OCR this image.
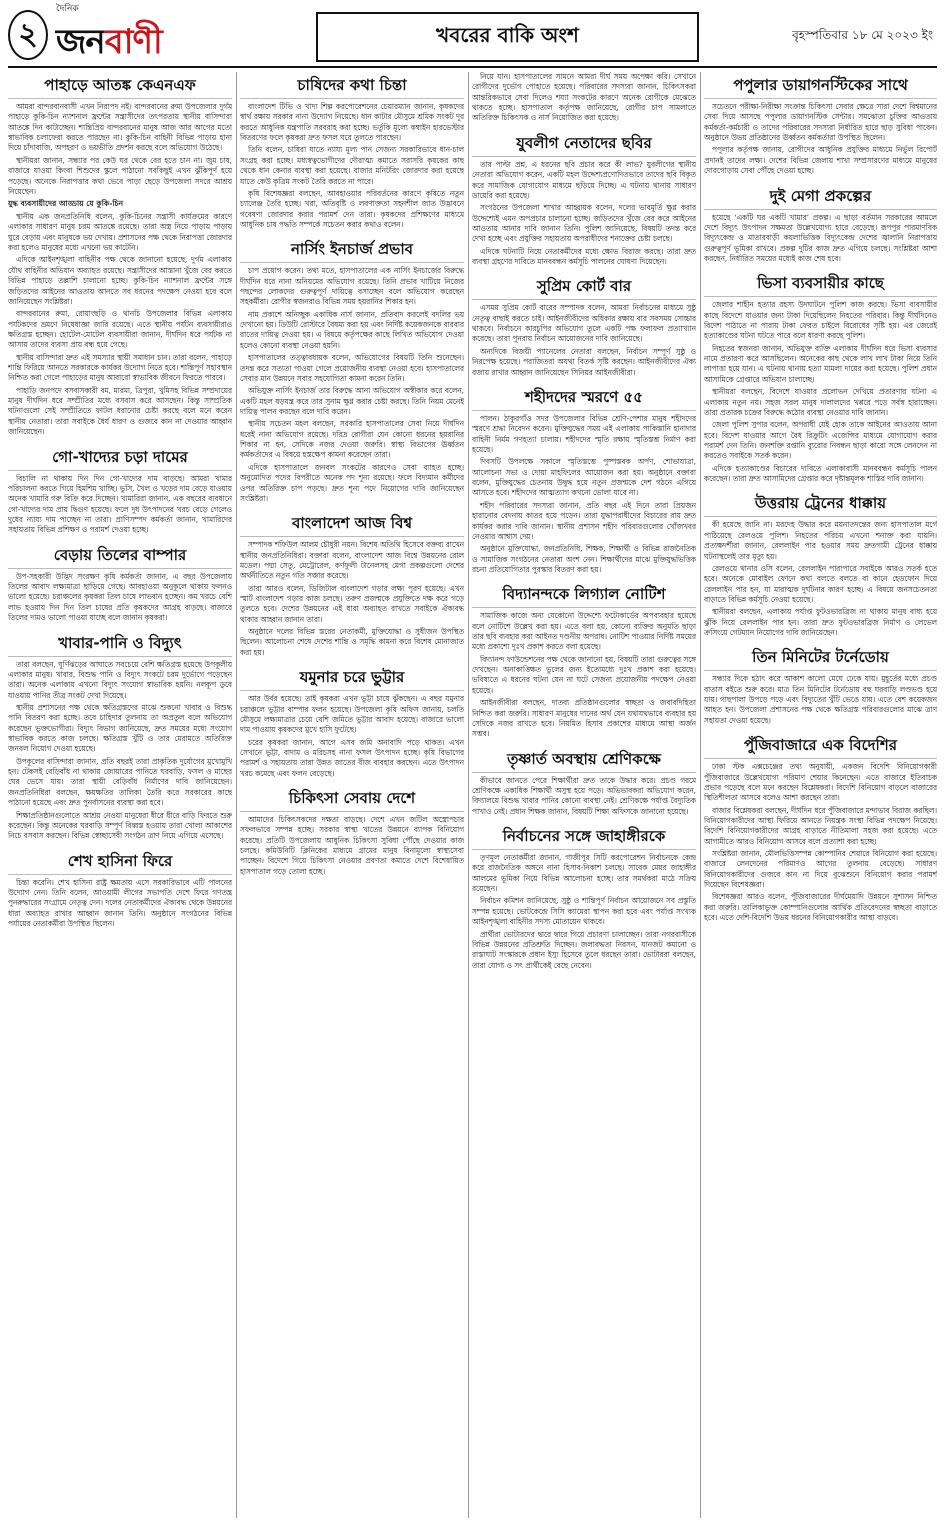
২
দৈনিক
জনবাণী	খবরের বাকি অংশ	বৃহস্পতিবার ১৮ মে ২০২৩ ইং
পাহাড়ে আতঙ্ক কেএনএফ

আমরা বান্দরবানবাসী এখন নিরাপদ নই। বান্দরবানের রুমা উপজেলার দুর্গম পাহাড়ে কুকি-চিন ন্যাশনাল ফ্রন্টের সন্ত্রাসীদের তৎপরতায় স্থানীয় বাসিন্দারা আতঙ্কে দিন কাটাচ্ছেন। শান্তিপ্রিয় বান্দরবানের মানুষ আজ আর আগের মতো স্বাভাবিক চলাফেরা করতে পারছেন না। কুকি-চিন বাহিনী বিভিন্ন পাড়ায় হানা দিয়ে চাঁদাবাজি, অপহরণ ও ভয়ভীতি প্রদর্শন করছে বলে অভিযোগ উঠেছে।

স্থানীয়রা জানান, সন্ধ্যার পর কেউ ঘর থেকে বের হতে চান না। জুম চাষ, বাজারে যাওয়া কিংবা শিশুদের স্কুলে পাঠানো সবকিছুই এখন ঝুঁকিপূর্ণ হয়ে পড়েছে। অনেকে নিরাপত্তার কথা ভেবে পাড়া ছেড়ে উপজেলা সদরে আশ্রয় নিয়েছেন।

যুদ্ধ ব্যবসায়ীদের আড্ডায় যে কুকি-চিন

স্থানীয় এক জনপ্রতিনিধি বলেন, কুকি-চিনের সন্ত্রাসী কার্যক্রমের কারণে এলাকার সাধারণ মানুষ চরম আতঙ্কে রয়েছে। তারা অস্ত্র নিয়ে পাড়ায় পাড়ায় ঘুরে বেড়ায় এবং মানুষকে ভয় দেখায়। প্রশাসনের পক্ষ থেকে নিরাপত্তা জোরদার করা হলেও মানুষের মধ্যে এখনো ভয় কাটেনি।

এদিকে আইনশৃঙ্খলা বাহিনীর পক্ষ থেকে জানানো হয়েছে, দুর্গম এলাকায় যৌথ বাহিনীর অভিযান অব্যাহত রয়েছে। সন্ত্রাসীদের আস্তানা খুঁজে বের করতে বিভিন্ন পাহাড়ে তল্লাশি চালানো হচ্ছে। কুকি-চিন ন্যাশনাল ফ্রন্টের সঙ্গে জড়িতদের আইনের আওতায় আনতে সব ধরনের পদক্ষেপ নেওয়া হবে বলে জানিয়েছেন সংশ্লিষ্টরা।

বান্দরবানের রুমা, রোয়াংছড়ি ও থানচি উপজেলার বিভিন্ন এলাকায় পর্যটকদের ভ্রমণে নিষেধাজ্ঞা জারি রয়েছে। এতে স্থানীয় পর্যটন ব্যবসায়ীরাও ক্ষতিগ্রস্ত হচ্ছেন। হোটেল-মোটেল ব্যবসায়ীরা জানান, দীর্ঘদিন ধরে পর্যটক না আসায় তাদের ব্যবসা প্রায় বন্ধ হয়ে গেছে।

স্থানীয় বাসিন্দারা দ্রুত এই সমস্যার স্থায়ী সমাধান চান। তারা বলেন, পাহাড়ে শান্তি ফিরিয়ে আনতে সরকারকে কার্যকর উদ্যোগ নিতে হবে। শান্তিপূর্ণ সহাবস্থান নিশ্চিত করা গেলে পাহাড়ের মানুষ আবারো স্বাভাবিক জীবনে ফিরতে পারবে।

পাহাড়ি জনপদে বসবাসকারী বম, মারমা, ত্রিপুরা, খুমিসহ বিভিন্ন সম্প্রদায়ের মানুষ দীর্ঘদিন ধরে সম্প্রীতির মধ্যে বসবাস করে আসছেন। কিন্তু সাম্প্রতিক ঘটনাগুলো সেই সম্প্রীতিতে ফাটল ধরানোর চেষ্টা করছে বলে মনে করেন স্থানীয় নেতারা। তারা সবাইকে ধৈর্য ধারণ ও গুজবে কান না দেওয়ার আহ্বান জানিয়েছেন।

গো-খাদ্যের চড়া দামের

বিচালি না থাকায় দিন দিন গো-খাদ্যের দাম বাড়ছে। আমরা খামার পরিচালনা করতে গিয়ে হিমশিম খাচ্ছি। ভুসি, খৈল ও খড়ের দাম বেড়ে যাওয়ায় অনেক খামারি গরু বিক্রি করে দিচ্ছেন। খামারিরা জানান, এক বছরের ব্যবধানে গো-খাদ্যের দাম প্রায় দ্বিগুণ হয়েছে। ফলে দুধ উৎপাদনের খরচ বেড়ে গেলেও দুধের ন্যায্য দাম পাচ্ছেন না তারা। প্রাণিসম্পদ কর্মকর্তা জানান, খামারিদের সহায়তায় বিভিন্ন প্রশিক্ষণ ও পরামর্শ দেওয়া হচ্ছে।

বেড়ায় তিলের বাম্পার

উপ-সহকারী উদ্ভিদ সংরক্ষণ কৃষি কর্মকর্তা জানান, এ বছর উপজেলায় তিলের আবাদ লক্ষ্যমাত্রা ছাড়িয়ে গেছে। আবহাওয়া অনুকূলে থাকায় ফলনও ভালো হয়েছে। চরাঞ্চলের কৃষকরা তিল চাষে লাভবান হচ্ছেন। কম খরচে বেশি লাভ হওয়ায় দিন দিন তিল চাষের প্রতি কৃষকদের আগ্রহ বাড়ছে। বাজারে তিলের দামও ভালো পাওয়া যাচ্ছে বলে জানান কৃষকরা।

খাবার-পানি ও বিদ্যুৎ

তারা বলছেন, ঘূর্ণিঝড়ের আঘাতে সবচেয়ে বেশি ক্ষতিগ্রস্ত হয়েছে উপকূলীয় এলাকার মানুষ। খাবার, বিশুদ্ধ পানি ও বিদ্যুৎ সংকটে চরম দুর্ভোগে পড়েছেন তারা। অনেক এলাকায় এখনো বিদ্যুৎ সংযোগ স্বাভাবিক হয়নি। নলকূপ ডুবে যাওয়ায় পানির তীব্র সংকট দেখা দিয়েছে।

স্থানীয় প্রশাসনের পক্ষ থেকে ক্ষতিগ্রস্তদের মাঝে শুকনো খাবার ও বিশুদ্ধ পানি বিতরণ করা হচ্ছে। তবে চাহিদার তুলনায় তা অপ্রতুল বলে অভিযোগ করেছেন ভুক্তভোগীরা। বিদ্যুৎ বিভাগ জানিয়েছে, দ্রুত সময়ের মধ্যে সংযোগ স্বাভাবিক করতে কাজ চলছে। ক্ষতিগ্রস্ত খুঁটি ও তার মেরামতে অতিরিক্ত জনবল নিয়োগ দেওয়া হয়েছে।

উপকূলের বাসিন্দারা জানান, প্রতি বছরই তারা প্রাকৃতিক দুর্যোগের মুখোমুখি হন। টেকসই বেড়িবাঁধ না থাকায় জোয়ারের পানিতে ঘরবাড়ি, ফসল ও মাছের ঘের ভেসে যায়। তারা স্থায়ী বেড়িবাঁধ নির্মাণের দাবি জানিয়েছেন। জনপ্রতিনিধিরা বলছেন, ক্ষয়ক্ষতির তালিকা তৈরি করে সরকারের কাছে পাঠানো হয়েছে এবং দ্রুত পুনর্বাসনের ব্যবস্থা করা হবে।

শিক্ষাপ্রতিষ্ঠানগুলোতে আশ্রয় নেওয়া মানুষেরা ধীরে ধীরে বাড়ি ফিরতে শুরু করেছেন। কিন্তু অনেকের ঘরবাড়ি সম্পূর্ণ বিধ্বস্ত হওয়ায় তারা খোলা আকাশের নিচে বসবাস করছেন। বিভিন্ন স্বেচ্ছাসেবী সংগঠন ত্রাণ নিয়ে এগিয়ে এসেছে।

শেখ হাসিনা ফিরে

চিন্তা করেনি। শেখ হাসিনা রাষ্ট্র ক্ষমতায় এসে সরকারিভাবে এটি পালনের উদ্যোগ নেন। তিনি বলেন, আওয়ামী লীগের সভাপতি দেশে ফিরে গণতন্ত্র পুনরুদ্ধারের সংগ্রামে নেতৃত্ব দেন। দলের নেতাকর্মীদের ঐক্যবদ্ধ থেকে উন্নয়নের ধারা অব্যাহত রাখার আহ্বান জানান তিনি। অনুষ্ঠানে সংগঠনের বিভিন্ন পর্যায়ের নেতাকর্মীরা উপস্থিত ছিলেন।

চাষিদের কথা চিন্তা

বাংলাদেশ টিভি ও খাদ্য শিল্প করপোরেশনের চেয়ারম্যান জানান, কৃষকদের স্বার্থ রক্ষায় সরকার নানা উদ্যোগ নিয়েছে। ধান কাটার মৌসুমে শ্রমিক সংকট দূর করতে আধুনিক যন্ত্রপাতি সরবরাহ করা হচ্ছে। ভর্তুকি মূল্যে কম্বাইন হারভেস্টার বিতরণের ফলে কৃষকরা দ্রুত ফসল ঘরে তুলতে পারছেন।

তিনি বলেন, চাষিরা যাতে ন্যায্য মূল্য পান সেজন্য সরকারিভাবে ধান-চাল সংগ্রহ করা হচ্ছে। মধ্যস্বত্বভোগীদের দৌরাত্ম্য কমাতে সরাসরি কৃষকের কাছ থেকে ধান কেনার ব্যবস্থা করা হয়েছে। বাজার মনিটরিং জোরদার করা হয়েছে যাতে কেউ কৃত্রিম সংকট তৈরি করতে না পারে।

কৃষি বিশেষজ্ঞরা বলছেন, আবহাওয়ার পরিবর্তনের কারণে কৃষিতে নতুন চ্যালেঞ্জ তৈরি হচ্ছে। খরা, অতিবৃষ্টি ও লবণাক্ততা সহনশীল জাত উদ্ভাবনে গবেষণা জোরদার করার পরামর্শ দেন তারা। কৃষকদের প্রশিক্ষণের মাধ্যমে আধুনিক চাষ পদ্ধতি সম্পর্কে সচেতন করার কথাও বলেন।

নার্সিং ইনচার্জ প্রভাব

চাপ প্রয়োগ করেন। তথ্য মতে, হাসপাতালের এক নার্সিং ইনচার্জের বিরুদ্ধে দীর্ঘদিন ধরে নানা অনিয়মের অভিযোগ রয়েছে। তিনি প্রভাব খাটিয়ে নিজের পছন্দের লোকদের গুরুত্বপূর্ণ দায়িত্বে বসাচ্ছেন বলে অভিযোগ করেছেন সহকর্মীরা। রোগীর স্বজনরাও বিভিন্ন সময় হয়রানির শিকার হন।

নাম প্রকাশে অনিচ্ছুক একাধিক নার্স জানান, প্রতিবাদ করলেই বদলির ভয় দেখানো হয়। ডিউটি রোস্টারে বৈষম্য করা হয় এবং নির্দিষ্ট কয়েকজনকে বারবার রাতের দায়িত্ব দেওয়া হয়। এ বিষয়ে কর্তৃপক্ষের কাছে লিখিত অভিযোগ দেওয়া হলেও কোনো ব্যবস্থা নেওয়া হয়নি।

হাসপাতালের তত্ত্বাবধায়ক বলেন, অভিযোগের বিষয়টি তিনি শুনেছেন। তদন্ত করে সত্যতা পাওয়া গেলে প্রয়োজনীয় ব্যবস্থা নেওয়া হবে। হাসপাতালের সেবার মান উন্নয়নে সবার সহযোগিতা কামনা করেন তিনি।

অভিযুক্ত নার্সিং ইনচার্জ তার বিরুদ্ধে আনা অভিযোগ অস্বীকার করে বলেন, একটি মহল ষড়যন্ত্র করে তার সুনাম ক্ষুণ্ণ করার চেষ্টা করছে। তিনি নিয়ম মেনেই দায়িত্ব পালন করছেন বলে দাবি করেন।

স্থানীয় সচেতন মহল বলছেন, সরকারি হাসপাতালের সেবা নিয়ে দীর্ঘদিন ধরেই নানা অভিযোগ রয়েছে। দরিদ্র রোগীরা যেন কোনো ধরনের হয়রানির শিকার না হন, সেদিকে নজর দেওয়া জরুরি। স্বাস্থ্য বিভাগের ঊর্ধ্বতন কর্মকর্তাদের এ বিষয়ে হস্তক্ষেপ কামনা করেছেন তারা।

এদিকে হাসপাতালে জনবল সংকটের কারণেও সেবা ব্যাহত হচ্ছে। অনুমোদিত পদের বিপরীতে অনেক পদ শূন্য রয়েছে। ফলে বিদ্যমান কর্মীদের ওপর অতিরিক্ত চাপ পড়ছে। দ্রুত শূন্য পদে নিয়োগের দাবি জানিয়েছেন সংশ্লিষ্টরা।

বাংলাদেশ আজ বিশ্ব

সম্পাদক শফিউল আলম চৌধুরী নয়ন। বিশেষ অতিথি হিসেবে বক্তব্য রাখেন স্থানীয় জনপ্রতিনিধিরা। বক্তারা বলেন, বাংলাদেশ আজ বিশ্বে উন্নয়নের রোল মডেল। পদ্মা সেতু, মেট্রোরেল, কর্ণফুলী টানেলসহ মেগা প্রকল্পগুলো দেশের অর্থনীতিতে নতুন গতি সঞ্চার করেছে।

তারা আরও বলেন, ডিজিটাল বাংলাদেশ গড়ার লক্ষ্য পূরণ হয়েছে। এখন স্মার্ট বাংলাদেশ গড়ার কাজ চলছে। তরুণ প্রজন্মকে প্রযুক্তিতে দক্ষ করে গড়ে তুলতে হবে। দেশের উন্নয়নের এই ধারা অব্যাহত রাখতে সবাইকে ঐক্যবদ্ধ থাকার আহ্বান জানান তারা।

অনুষ্ঠানে দলের বিভিন্ন স্তরের নেতাকর্মী, মুক্তিযোদ্ধা ও সুধীজন উপস্থিত ছিলেন। আলোচনা শেষে দেশের শান্তি ও সমৃদ্ধি কামনা করে বিশেষ মোনাজাত করা হয়।

যমুনার চরে ভুট্টার

আর উর্বর হয়েছে। তাই কৃষকরা এখন ভুট্টা চাষে ঝুঁকছেন। এ বছর যমুনার চরাঞ্চলে ভুট্টার বাম্পার ফলন হয়েছে। উপজেলা কৃষি অফিস জানায়, চলতি মৌসুমে লক্ষ্যমাত্রার চেয়ে বেশি জমিতে ভুট্টার আবাদ হয়েছে। বাজারে ভালো দাম পাওয়ায় কৃষকদের মুখে হাসি ফুটেছে।

চরের কৃষকরা জানান, আগে এসব জমি অনাবাদি পড়ে থাকত। এখন সেখানে ভুট্টা, বাদাম ও মরিচসহ নানা ফসল উৎপাদন হচ্ছে। কৃষি বিভাগের পরামর্শ ও সহায়তায় তারা উন্নত জাতের বীজ ব্যবহার করছেন। এতে উৎপাদন খরচ কমেছে এবং ফলন বেড়েছে।

চিকিৎসা সেবায় দেশে

আমাদের চিকিৎসকদের দক্ষতা বাড়ছে। দেশে এখন জটিল অস্ত্রোপচার সফলভাবে সম্পন্ন হচ্ছে। সরকার স্বাস্থ্য খাতের উন্নয়নে ব্যাপক বিনিয়োগ করেছে। প্রতিটি উপজেলায় আধুনিক চিকিৎসা সুবিধা পৌঁছে দেওয়ার কাজ চলছে। কমিউনিটি ক্লিনিকের মাধ্যমে গ্রামের মানুষ বিনামূল্যে স্বাস্থ্যসেবা পাচ্ছেন। বিদেশে গিয়ে চিকিৎসা নেওয়ার প্রবণতা কমাতে দেশে বিশেষায়িত হাসপাতাল গড়ে তোলা হচ্ছে।

নিয়ে যান। হাসপাতালের সামনে আমরা দীর্ঘ সময় অপেক্ষা করি। সেখানে রোগীদের দুর্ভোগ পোহাতে হয়েছে। পরিবারের সদস্যরা জানান, চিকিৎসকরা আন্তরিকভাবে সেবা দিলেও শয্যা সংকটের কারণে অনেক রোগীকে মেঝেতে থাকতে হচ্ছে। হাসপাতাল কর্তৃপক্ষ জানিয়েছে, রোগীর চাপ সামলাতে অতিরিক্ত চিকিৎসক ও নার্স নিয়োজিত করা হয়েছে।

যুবলীগ নেতাদের ছবির

তার পাল্টা প্রশ্ন, এ ধরনের ছবি প্রচার করে কী লাভ? যুবলীগের স্থানীয় নেতারা অভিযোগ করেন, একটি মহল উদ্দেশ্যপ্রণোদিতভাবে তাদের ছবি বিকৃত করে সামাজিক যোগাযোগ মাধ্যমে ছড়িয়ে দিচ্ছে। এ ঘটনায় থানায় সাধারণ ডায়েরি করা হয়েছে।

সংগঠনের উপজেলা শাখার আহ্বায়ক বলেন, দলের ভাবমূর্তি ক্ষুণ্ণ করার উদ্দেশ্যেই এমন অপপ্রচার চালানো হচ্ছে। জড়িতদের খুঁজে বের করে আইনের আওতায় আনার দাবি জানান তিনি। পুলিশ জানিয়েছে, বিষয়টি তদন্ত করে দেখা হচ্ছে এবং প্রযুক্তির সহায়তায় অপরাধীদের শনাক্তের চেষ্টা চলছে।

এদিকে ঘটনাটি নিয়ে নেতাকর্মীদের মধ্যে ক্ষোভ বিরাজ করছে। তারা দ্রুত ব্যবস্থা গ্রহণের দাবিতে মানববন্ধন কর্মসূচি পালনের ঘোষণা দিয়েছেন।

সুপ্রিম কোর্ট বার

এসময় সুপ্রিম কোর্ট বারের সম্পাদক বলেন, আমরা নির্বাচনের মাধ্যমে সুষ্ঠু নেতৃত্ব বাছাই করতে চাই। আইনজীবীদের অধিকার রক্ষায় বার সবসময় সোচ্চার থাকবে। নির্বাচনে কারচুপির অভিযোগ তুলে একটি পক্ষ ফলাফল প্রত্যাখ্যান করেছে। তারা পুনরায় নির্বাচন আয়োজনের দাবি জানিয়েছে।

অন্যদিকে বিজয়ী প্যানেলের নেতারা বলছেন, নির্বাচন সম্পূর্ণ সুষ্ঠু ও নিরপেক্ষ হয়েছে। পরাজিতরা অযথা বিতর্ক সৃষ্টি করছেন। আইনজীবীদের ঐক্য বজায় রাখার আহ্বান জানিয়েছেন সিনিয়র আইনজীবীরা।

শহীদদের স্মরণে ৫৫

পালন। ঠাকুরগাঁও সদর উপজেলার বিভিন্ন শ্রেণি-পেশার মানুষ শহীদদের স্মরণে শ্রদ্ধা নিবেদন করেন। মুক্তিযুদ্ধের সময় এই এলাকায় পাকিস্তানি হানাদার বাহিনী নির্মম গণহত্যা চালায়। শহীদদের স্মৃতি রক্ষায় স্মৃতিস্তম্ভ নির্মাণ করা হয়েছে।

দিবসটি উপলক্ষে সকালে স্মৃতিস্তম্ভে পুষ্পস্তবক অর্পণ, শোভাযাত্রা, আলোচনা সভা ও দোয়া মাহফিলের আয়োজন করা হয়। অনুষ্ঠানে বক্তারা বলেন, মুক্তিযুদ্ধের চেতনায় উদ্বুদ্ধ হয়ে নতুন প্রজন্মকে দেশ গঠনে এগিয়ে আসতে হবে। শহীদদের আত্মত্যাগ কখনো ভোলা যাবে না।

শহীদ পরিবারের সদস্যরা জানান, প্রতি বছর এই দিনে তারা প্রিয়জন হারানোর বেদনায় কাতর হয়ে পড়েন। তারা যুদ্ধাপরাধীদের বিচারের রায় দ্রুত কার্যকর করার দাবি জানান। স্থানীয় প্রশাসন শহীদ পরিবারগুলোর খোঁজখবর নেওয়ার আশ্বাস দেয়।

অনুষ্ঠানে মুক্তিযোদ্ধা, জনপ্রতিনিধি, শিক্ষক, শিক্ষার্থী ও বিভিন্ন রাজনৈতিক ও সামাজিক সংগঠনের নেতারা অংশ নেন। শিক্ষার্থীদের মাঝে মুক্তিযুদ্ধভিত্তিক রচনা প্রতিযোগিতার পুরস্কার বিতরণ করা হয়।

বিদ্যানন্দকে লিগ্যাল নোটিশ

সামাজিক কাজে অন্য যেকোনো উদ্দেশ্যে ফটোকার্ডের অপব্যবহার হয়েছে বলে নোটিশে উল্লেখ করা হয়। এতে বলা হয়, কোনো ব্যক্তির অনুমতি ছাড়া তার ছবি ব্যবহার করা আইনত দণ্ডনীয় অপরাধ। নোটিশ পাওয়ার নির্দিষ্ট সময়ের মধ্যে প্রকাশ্যে দুঃখ প্রকাশ করতে বলা হয়েছে।

বিদ্যানন্দ ফাউন্ডেশনের পক্ষ থেকে জানানো হয়, বিষয়টি তারা গুরুত্বের সঙ্গে দেখছেন। অনাকাঙ্ক্ষিত ভুলের জন্য ইতোমধ্যে দুঃখ প্রকাশ করা হয়েছে। ভবিষ্যতে এ ধরনের ঘটনা যেন না ঘটে সেজন্য প্রয়োজনীয় পদক্ষেপ নেওয়া হয়েছে।

আইনজীবীরা বলছেন, দাতব্য প্রতিষ্ঠানগুলোর স্বচ্ছতা ও জবাবদিহিতা নিশ্চিত করা জরুরি। সাধারণ মানুষের দানের অর্থ যেন যথাযথভাবে ব্যবহার হয় সেদিকে নজর রাখতে হবে। নিয়মিত হিসাব প্রকাশের মাধ্যমে আস্থা অর্জন সম্ভব।

তৃষ্ণার্ত অবস্থায় শ্রেণিকক্ষে

কীভাবে জানতে পেরে শিক্ষার্থীরা দ্রুত তাকে উদ্ধার করে। প্রচণ্ড গরমে শ্রেণিকক্ষে একাধিক শিক্ষার্থী অসুস্থ হয়ে পড়ে। অভিভাবকরা অভিযোগ করেন, বিদ্যালয়ে বিশুদ্ধ খাবার পানির কোনো ব্যবস্থা নেই। শ্রেণিকক্ষে পর্যাপ্ত বৈদ্যুতিক পাখাও নেই। প্রধান শিক্ষক জানান, বিষয়টি শিক্ষা অফিসকে জানানো হয়েছে।

নির্বাচনের সঙ্গে জাহাঙ্গীরকে

তৃণমূল নেতাকর্মীরা জানান, গাজীপুর সিটি করপোরেশন নির্বাচনকে কেন্দ্র করে রাজনৈতিক অঙ্গনে নানা হিসাব-নিকাশ চলছে। সাবেক মেয়র জাহাঙ্গীর আলমের ভূমিকা নিয়ে বিভিন্ন আলোচনা হচ্ছে। তার সমর্থকরা মাঠে সক্রিয় রয়েছেন।

নির্বাচন কমিশন জানিয়েছে, সুষ্ঠু ও শান্তিপূর্ণ নির্বাচন আয়োজনে সব প্রস্তুতি সম্পন্ন হয়েছে। ভোটকেন্দ্রে সিসি ক্যামেরা স্থাপন করা হবে এবং পর্যাপ্ত সংখ্যক আইনশৃঙ্খলা বাহিনীর সদস্য মোতায়েন থাকবে।

প্রার্থীরা ভোটারদের দ্বারে দ্বারে গিয়ে প্রচারণা চালাচ্ছেন। তারা নগরবাসীকে বিভিন্ন উন্নয়নের প্রতিশ্রুতি দিচ্ছেন। জলাবদ্ধতা নিরসন, যানজট কমানো ও রাস্তাঘাট সংস্কারকে প্রধান ইস্যু হিসেবে তুলে ধরছেন তারা। ভোটাররা বলছেন, তারা যোগ্য ও সৎ প্রার্থীকেই বেছে নেবেন।

পপুলার ডায়াগনস্টিকের সাথে

সচেতনে পরীক্ষা-নিরীক্ষা সংক্রান্ত চিকিৎসা সেবার ক্ষেত্রে সারা দেশে বিশ্বমানের সেবা দিয়ে আসছে পপুলার ডায়াগনস্টিক সেন্টার। সমঝোতা চুক্তির আওতায় কর্মকর্তা-কর্মচারী ও তাদের পরিবারের সদস্যরা নির্ধারিত হারে ছাড় সুবিধা পাবেন। অনুষ্ঠানে উভয় প্রতিষ্ঠানের ঊর্ধ্বতন কর্মকর্তারা উপস্থিত ছিলেন।

পপুলার কর্তৃপক্ষ জানায়, রোগীদের আধুনিক প্রযুক্তির মাধ্যমে নির্ভুল রিপোর্ট প্রদানই তাদের লক্ষ্য। দেশের বিভিন্ন জেলায় শাখা সম্প্রসারণের মাধ্যমে মানুষের দোরগোড়ায় সেবা পৌঁছে দেওয়া হচ্ছে।

দুই মেগা প্রকল্পের

হয়েছে ‘একটি ঘর একটি খামার’ প্রকল্প। এ ছাড়া বর্তমান সরকারের আমলে দেশে বিদ্যুৎ উৎপাদন সক্ষমতা উল্লেখযোগ্য হারে বেড়েছে। রূপপুর পারমাণবিক বিদ্যুৎকেন্দ্র ও মাতারবাড়ী কয়লাভিত্তিক বিদ্যুৎকেন্দ্র দেশের জ্বালানি নিরাপত্তায় গুরুত্বপূর্ণ ভূমিকা রাখবে। প্রকল্প দুটির কাজ দ্রুত এগিয়ে চলছে। সংশ্লিষ্টরা আশা করছেন, নির্ধারিত সময়ের মধ্যেই কাজ শেষ হবে।

ভিসা ব্যবসায়ীর কাছে

জেলার শাহীন হত্যার রহস্য উদঘাটনে পুলিশ কাজ করছে। ভিসা ব্যবসায়ীর কাছে বিদেশে যাওয়ার জন্য টাকা দিয়েছিলেন নিহতের পরিবার। কিন্তু দীর্ঘদিনেও বিদেশ পাঠাতে না পারায় টাকা ফেরত চাইলে বিরোধের সৃষ্টি হয়। এর জেরেই হত্যাকাণ্ডের ঘটনা ঘটতে পারে বলে ধারণা করছে পুলিশ।

নিহতের স্বজনরা জানান, অভিযুক্ত ব্যক্তি এলাকায় দীর্ঘদিন ধরে ভিসা ব্যবসার নামে প্রতারণা করে আসছিলেন। অনেকের কাছ থেকে লাখ লাখ টাকা নিয়ে তিনি লাপাত্তা হয়ে যান। এ ঘটনায় থানায় হত্যা মামলা দায়ের করা হয়েছে। পুলিশ প্রধান আসামিকে গ্রেপ্তারে অভিযান চালাচ্ছে।

স্থানীয়রা বলছেন, বিদেশে যাওয়ার প্রলোভন দেখিয়ে প্রতারণার ঘটনা এ এলাকায় নতুন নয়। সহজ সরল মানুষ দালালদের খপ্পরে পড়ে সর্বস্ব হারাচ্ছেন। তারা প্রতারক চক্রের বিরুদ্ধে কঠোর ব্যবস্থা নেওয়ার দাবি জানান।

জেলা পুলিশ সুপার বলেন, অপরাধী যেই হোক তাকে আইনের আওতায় আনা হবে। বিদেশ যাওয়ার আগে বৈধ রিক্রুটিং এজেন্সির মাধ্যমে যোগাযোগ করার পরামর্শ দেন তিনি। জনশক্তি রপ্তানি ব্যুরোর নিবন্ধন ছাড়া কারো সঙ্গে লেনদেন না করতেও সবাইকে সতর্ক করেন।

এদিকে হত্যাকাণ্ডের বিচারের দাবিতে এলাকাবাসী মানববন্ধন কর্মসূচি পালন করেছেন। তারা দ্রুত আসামিদের গ্রেপ্তার করে দৃষ্টান্তমূলক শাস্তির দাবি জানান।

উত্তরায় ট্রেনের ধাক্কায়

কী হয়েছে জানি না। মরদেহ উদ্ধার করে ময়নাতদন্তের জন্য হাসপাতাল মর্গে পাঠিয়েছে রেলওয়ে পুলিশ। নিহতের পরিচয় এখনো শনাক্ত করা যায়নি। প্রত্যক্ষদর্শীরা জানান, রেললাইন পার হওয়ার সময় দ্রুতগামী ট্রেনের ধাক্কায় ঘটনাস্থলেই তার মৃত্যু হয়।

রেলওয়ে থানার ওসি বলেন, রেললাইন পারাপারে সবাইকে আরও সতর্ক হতে হবে। অনেকে মোবাইল ফোনে কথা বলতে বলতে বা কানে হেডফোন দিয়ে রেললাইন পার হন, যা মারাত্মক দুর্ঘটনার কারণ হচ্ছে। এ বিষয়ে জনসচেতনতা বাড়াতে বিভিন্ন কর্মসূচি নেওয়া হয়েছে।

স্থানীয়রা বলছেন, এলাকায় পর্যাপ্ত ফুটওভারব্রিজ না থাকায় মানুষ বাধ্য হয়ে ঝুঁকি নিয়ে রেললাইন পার হন। তারা দ্রুত ফুটওভারব্রিজ নির্মাণ ও লেভেল ক্রসিংয়ে গেটম্যান নিয়োগের দাবি জানিয়েছেন।

তিন মিনিটের টর্নেডোয়

সন্ধ্যার দিকে হঠাৎ করে আকাশ কালো মেঘে ঢেকে যায়। মুহূর্তের মধ্যে প্রচণ্ড বাতাস বইতে শুরু করে। মাত্র তিন মিনিটের টর্নেডোয় বহু ঘরবাড়ি লণ্ডভণ্ড হয়ে যায়। গাছপালা উপড়ে পড়ে এবং বিদ্যুতের খুঁটি ভেঙে যায়। এতে বেশ কয়েকজন আহত হন। উপজেলা প্রশাসনের পক্ষ থেকে ক্ষতিগ্রস্ত পরিবারগুলোর মাঝে ত্রাণ সহায়তা দেওয়া হয়েছে।

পুঁজিবাজারে এক বিদেশির

ঢাকা স্টক এক্সচেঞ্জের তথ্য অনুযায়ী, একজন বিদেশি বিনিয়োগকারী পুঁজিবাজারে উল্লেখযোগ্য পরিমাণ শেয়ার কিনেছেন। এতে বাজারে ইতিবাচক প্রভাব পড়েছে বলে মনে করছেন বিশ্লেষকরা। বিদেশি বিনিয়োগ বাড়লে বাজারের স্থিতিশীলতা আসবে বলেও আশা করছেন তারা।

বাজার বিশ্লেষকরা বলছেন, দীর্ঘদিন ধরে পুঁজিবাজারে মন্দাভাব বিরাজ করছিল। বিনিয়োগকারীদের আস্থা ফিরিয়ে আনতে নিয়ন্ত্রক সংস্থা বিভিন্ন পদক্ষেপ নিয়েছে। বিদেশি বিনিয়োগকারীদের আগ্রহ বাড়াতে নীতিমালা সহজ করা হয়েছে। এতে আগামীতে আরও বিনিয়োগ আসবে বলে প্রত্যাশা করা হচ্ছে।

সংশ্লিষ্টরা জানান, মৌলভিত্তিসম্পন্ন কোম্পানির শেয়ারে বিনিয়োগ করা হয়েছে। বাজারে লেনদেনের পরিমাণও আগের তুলনায় বেড়েছে। সাধারণ বিনিয়োগকারীদের গুজবে কান না দিয়ে বুঝেশুনে বিনিয়োগ করার পরামর্শ দিয়েছেন বিশেষজ্ঞরা।

বিশেষজ্ঞরা আরও বলেন, পুঁজিবাজারের দীর্ঘমেয়াদি উন্নয়নে সুশাসন নিশ্চিত করা জরুরি। তালিকাভুক্ত কোম্পানিগুলোর আর্থিক প্রতিবেদনের স্বচ্ছতা বাড়াতে হবে। এতে দেশি-বিদেশি উভয় ধরনের বিনিয়োগকারীর আস্থা বাড়বে।
